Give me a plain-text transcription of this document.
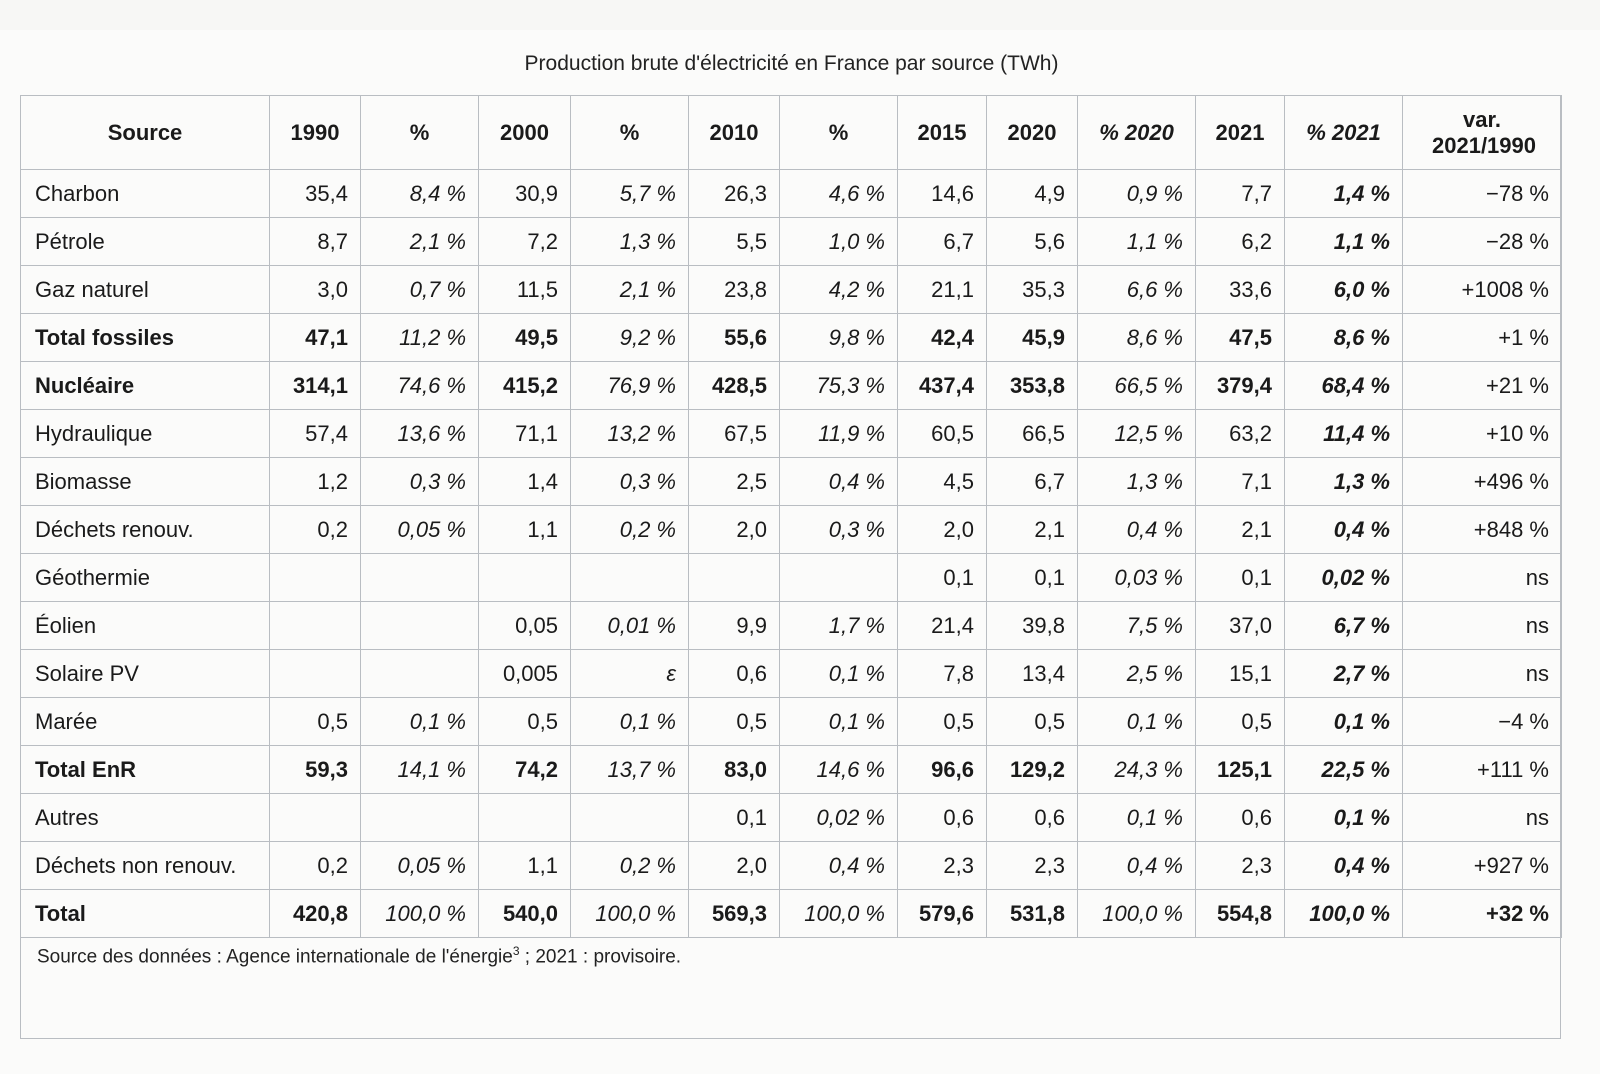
Production brute d'électricité en France par source (TWh)
Source	1990	%	2000	%	2010	%	2015	2020	% 2020	2021	% 2021	var. 2021/1990
Charbon	35,4	8,4 %	30,9	5,7 %	26,3	4,6 %	14,6	4,9	0,9 %	7,7	1,4 %	−78 %
Pétrole	8,7	2,1 %	7,2	1,3 %	5,5	1,0 %	6,7	5,6	1,1 %	6,2	1,1 %	−28 %
Gaz naturel	3,0	0,7 %	11,5	2,1 %	23,8	4,2 %	21,1	35,3	6,6 %	33,6	6,0 %	+1008 %
Total fossiles	47,1	11,2 %	49,5	9,2 %	55,6	9,8 %	42,4	45,9	8,6 %	47,5	8,6 %	+1 %
Nucléaire	314,1	74,6 %	415,2	76,9 %	428,5	75,3 %	437,4	353,8	66,5 %	379,4	68,4 %	+21 %
Hydraulique	57,4	13,6 %	71,1	13,2 %	67,5	11,9 %	60,5	66,5	12,5 %	63,2	11,4 %	+10 %
Biomasse	1,2	0,3 %	1,4	0,3 %	2,5	0,4 %	4,5	6,7	1,3 %	7,1	1,3 %	+496 %
Déchets renouv.	0,2	0,05 %	1,1	0,2 %	2,0	0,3 %	2,0	2,1	0,4 %	2,1	0,4 %	+848 %
Géothermie							0,1	0,1	0,03 %	0,1	0,02 %	ns
Éolien			0,05	0,01 %	9,9	1,7 %	21,4	39,8	7,5 %	37,0	6,7 %	ns
Solaire PV			0,005	ε	0,6	0,1 %	7,8	13,4	2,5 %	15,1	2,7 %	ns
Marée	0,5	0,1 %	0,5	0,1 %	0,5	0,1 %	0,5	0,5	0,1 %	0,5	0,1 %	−4 %
Total EnR	59,3	14,1 %	74,2	13,7 %	83,0	14,6 %	96,6	129,2	24,3 %	125,1	22,5 %	+111 %
Autres					0,1	0,02 %	0,6	0,6	0,1 %	0,6	0,1 %	ns
Déchets non renouv.	0,2	0,05 %	1,1	0,2 %	2,0	0,4 %	2,3	2,3	0,4 %	2,3	0,4 %	+927 %
Total	420,8	100,0 %	540,0	100,0 %	569,3	100,0 %	579,6	531,8	100,0 %	554,8	100,0 %	+32 %
Source des données : Agence internationale de l'énergie$^3$ ; 2021 : provisoire.
